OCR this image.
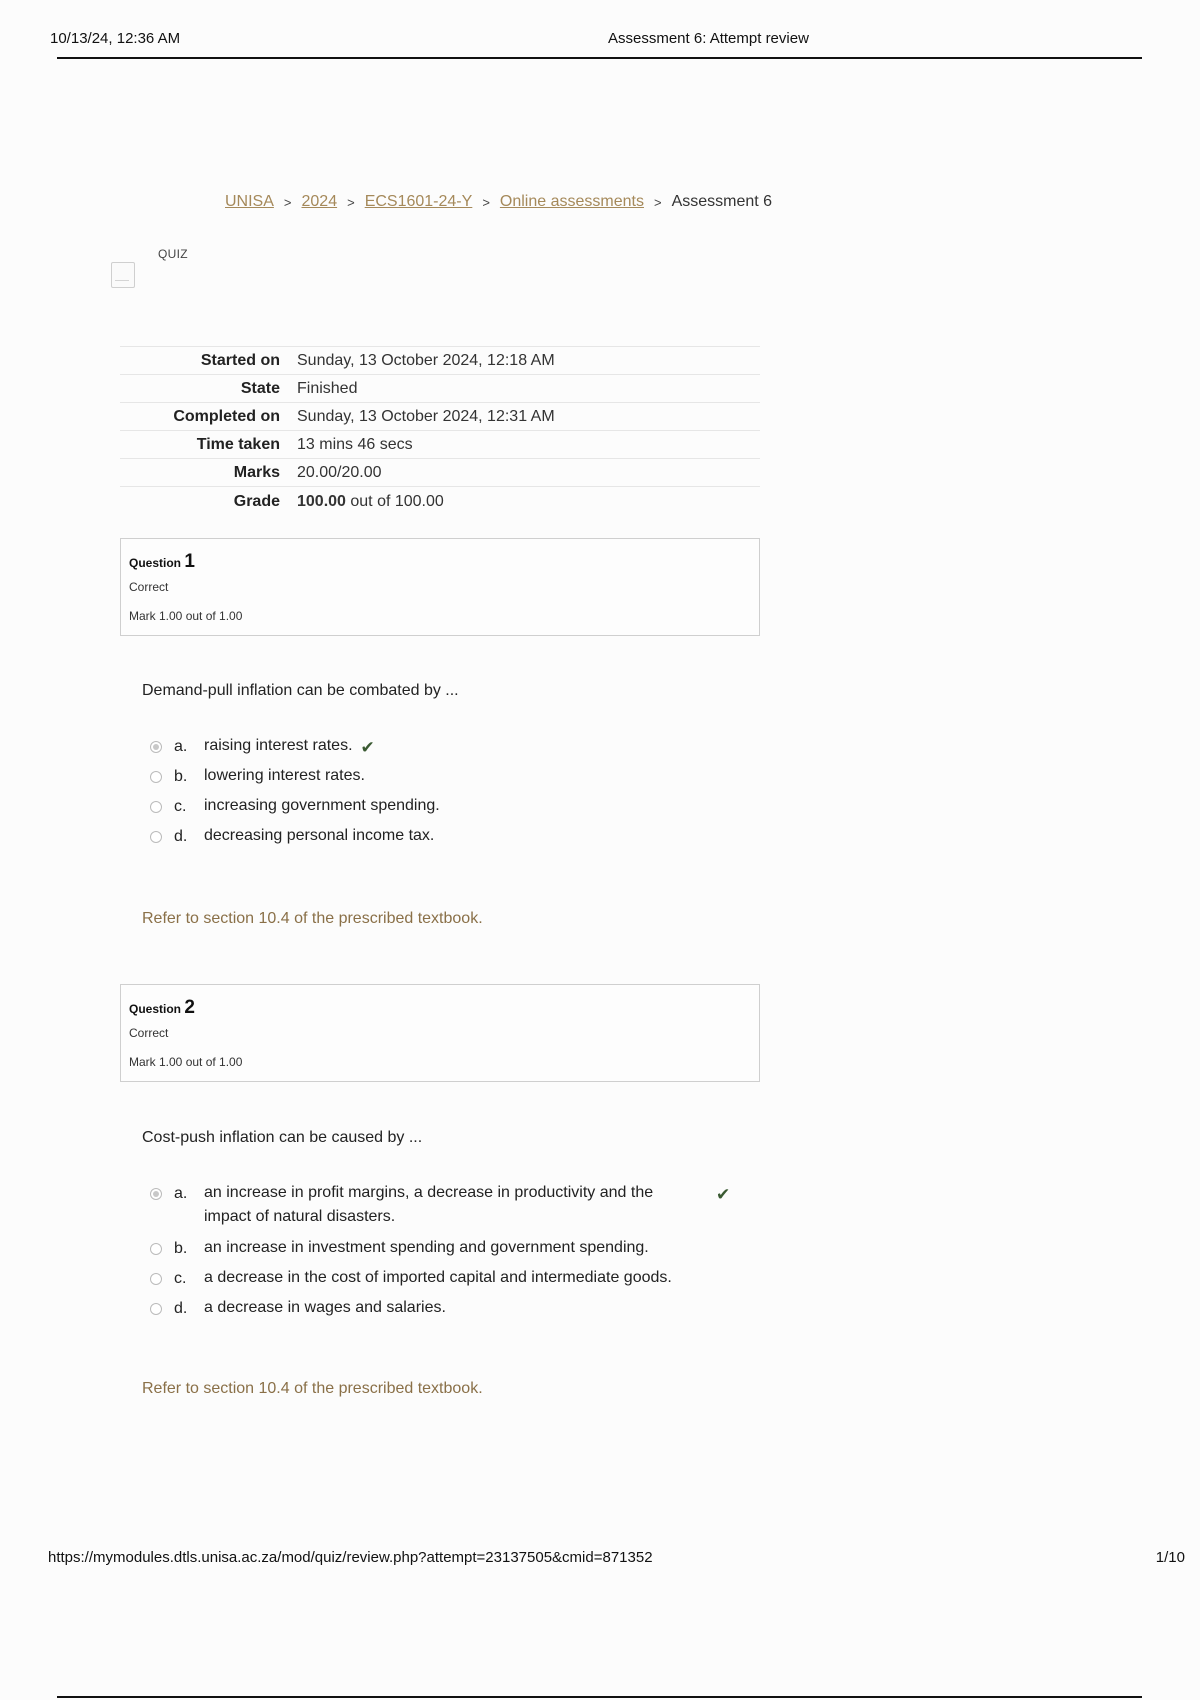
10/13/24, 12:36 AM	Assessment 6: Attempt review
UNISA > 2024 > ECS1601-24-Y > Online assessments > Assessment 6
QUIZ
Started on	Sunday, 13 October 2024, 12:18 AM
State	Finished
Completed on	Sunday, 13 October 2024, 12:31 AM
Time taken	13 mins 46 secs
Marks	20.00/20.00
Grade	100.00 out of 100.00
Question 1
Correct
Mark 1.00 out of 1.00
Demand-pull inflation can be combated by ...
a.	raising interest rates. ✔
b.	lowering interest rates.
c.	increasing government spending.
d.	decreasing personal income tax.
Refer to section 10.4 of the prescribed textbook.
Question 2
Correct
Mark 1.00 out of 1.00
Cost-push inflation can be caused by ...
a.	an increase in profit margins, a decrease in productivity and the
impact of natural disasters.
✔
b.	an increase in investment spending and government spending.
c.	a decrease in the cost of imported capital and intermediate goods.
d.	a decrease in wages and salaries.
Refer to section 10.4 of the prescribed textbook.
https://mymodules.dtls.unisa.ac.za/mod/quiz/review.php?attempt=23137505&cmid=871352	1/10
